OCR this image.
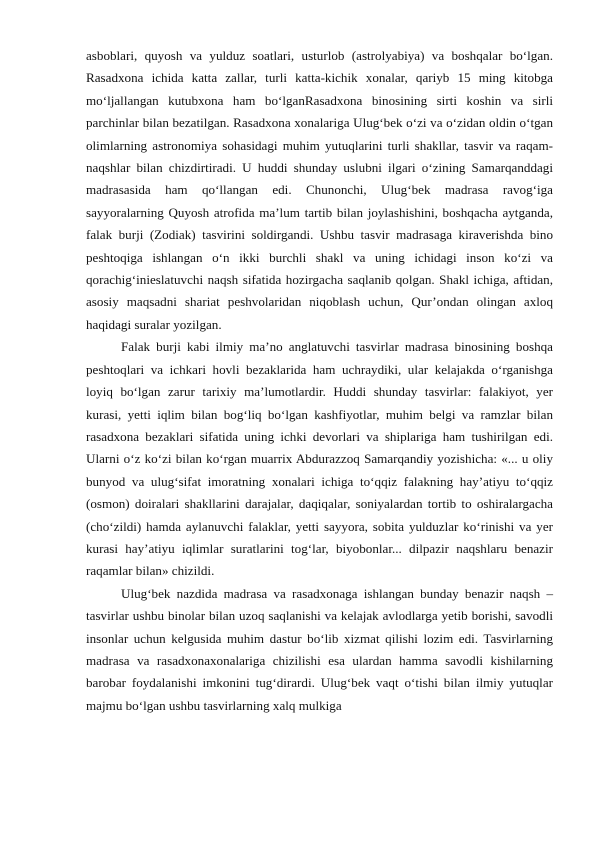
asboblari, quyosh va yulduz soatlari, usturlob (astrolyabiya) va boshqalar bo‘lgan. Rasadxona ichida katta zallar, turli katta-kichik xonalar, qariyb 15 ming kitobga mo‘ljallangan kutubxona ham bo‘lganRasadxona binosining sirti koshin va sirli parchinlar bilan bezatilgan. Rasadxona xonalariga Ulug‘bek o‘zi va o‘zidan oldin o‘tgan olimlarning astronomiya sohasidagi muhim yutuqlarini turli shakllar, tasvir va raqam-naqshlar bilan chizdirtiradi. U huddi shunday uslubni ilgari o‘zining Samarqanddagi madrasasida ham qo‘llangan edi. Chunonchi, Ulug‘bek madrasa ravog‘iga sayyoralarning Quyosh atrofida ma’lum tartib bilan joylashishini, boshqacha aytganda, falak burji (Zodiak) tasvirini soldirgandi. Ushbu tasvir madrasaga kiraverishda bino peshtoqiga ishlangan o‘n ikki burchli shakl va uning ichidagi inson ko‘zi va qorachig‘inieslatuvchi naqsh sifatida hozirgacha saqlanib qolgan. Shakl ichiga, aftidan, asosiy maqsadni shariat peshvolaridan niqoblash uchun, Qur’ondan olingan axloq haqidagi suralar yozilgan.

Falak burji kabi ilmiy ma’no anglatuvchi tasvirlar madrasa binosining boshqa peshtoqlari va ichkari hovli bezaklarida ham uchraydiki, ular kelajakda o‘rganishga loyiq bo‘lgan zarur tarixiy ma’lumotlardir. Huddi shunday tasvirlar: falakiyot, yer kurasi, yetti iqlim bilan bog‘liq bo‘lgan kashfiyotlar, muhim belgi va ramzlar bilan rasadxona bezaklari sifatida uning ichki devorlari va shiplariga ham tushirilgan edi. Ularni o‘z ko‘zi bilan ko‘rgan muarrix Abdurazzoq Samarqandiy yozishicha: «... u oliy bunyod va ulug‘sifat imoratning xonalari ichiga to‘qqiz falakning hay’atiyu to‘qqiz (osmon) doiralari shakllarini darajalar, daqiqalar, soniyalardan tortib to oshiralargacha (cho‘zildi) hamda aylanuvchi falaklar, yetti sayyora, sobita yulduzlar ko‘rinishi va yer kurasi hay’atiyu iqlimlar suratlarini tog‘lar, biyobonlar... dilpazir naqshlaru benazir raqamlar bilan» chizildi.

Ulug‘bek nazdida madrasa va rasadxonaga ishlangan bunday benazir naqsh – tasvirlar ushbu binolar bilan uzoq saqlanishi va kelajak avlodlarga yetib borishi, savodli insonlar uchun kelgusida muhim dastur bo‘lib xizmat qilishi lozim edi. Tasvirlarning madrasa va rasadxonaxonalariga chizilishi esa ulardan hamma savodli kishilarning barobar foydalanishi imkonini tug‘dirardi. Ulug‘bek vaqt o‘tishi bilan ilmiy yutuqlar majmu bo‘lgan ushbu tasvirlarning xalq mulkiga
